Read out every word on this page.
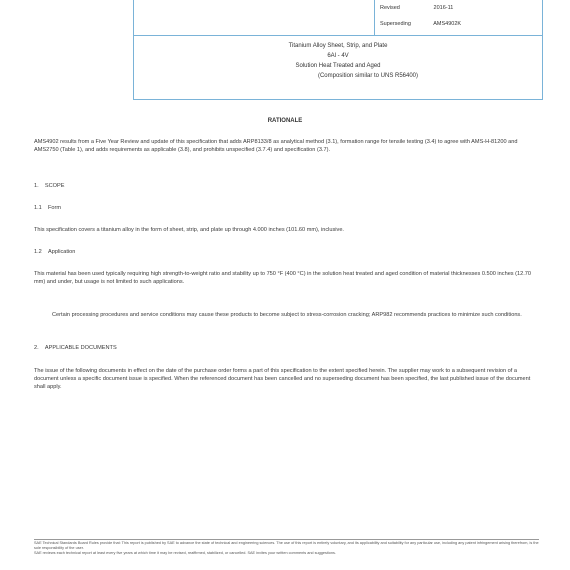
Revised	2016-11
Superseding	AMS4902K
Titanium Alloy Sheet, Strip, and Plate
6Al - 4V
Solution Heat Treated and Aged
(Composition similar to UNS R56400)
RATIONALE
AMS4902 results from a Five Year Review and update of this specification that adds ARP8133/8 as analytical method (3.1), formation range for tensile testing (3.4) to agree with AMS-H-81200 and AMS2750 (Table 1), and adds requirements as applicable (3.8), and prohibits unspecified (3.7.4) and specification (3.7).
1. SCOPE
1.1 Form
This specification covers a titanium alloy in the form of sheet, strip, and plate up through 4.000 inches (101.60 mm), inclusive.
1.2 Application
This material has been used typically requiring high strength-to-weight ratio and stability up to 750 °F (400 °C) in the solution heat treated and aged condition of material thicknesses 0.500 inches (12.70 mm) and under, but usage is not limited to such applications.
Certain processing procedures and service conditions may cause these products to become subject to stress-corrosion cracking; ARP982 recommends practices to minimize such conditions.
2. APPLICABLE DOCUMENTS
The issue of the following documents in effect on the date of the purchase order forms a part of this specification to the extent specified herein. The supplier may work to a subsequent revision of a document unless a specific document issue is specified. When the referenced document has been cancelled and no superseding document has been specified, the last published issue of the document shall apply.
SAE Technical Standards Board Rules provide that: This report is published by SAE to advance the state of technical and engineering sciences. The use of this report is entirely voluntary, and its applicability and suitability for any particular use, including any patent infringement arising therefrom, is the sole responsibility of the user.
SAE reviews each technical report at least every five years at which time it may be revised, reaffirmed, stabilized, or cancelled. SAE invites your written comments and suggestions.
